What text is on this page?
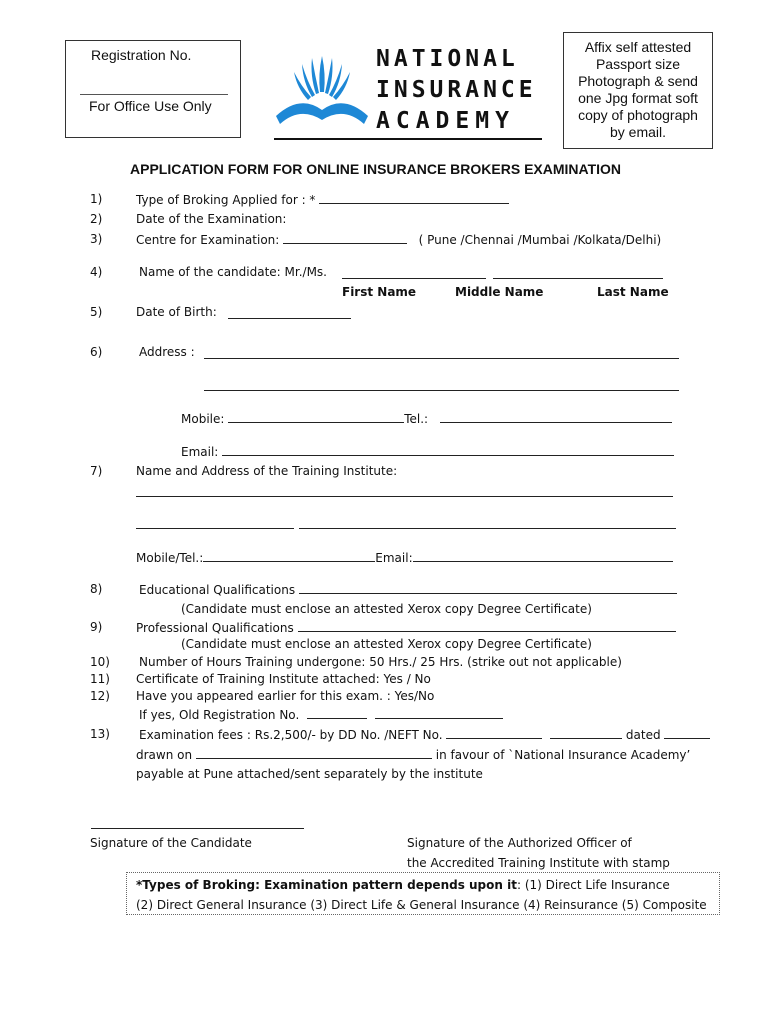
Registration No.
For Office Use Only
NATIONAL
INSURANCE
ACADEMY
Affix self attested
Passport size
Photograph & send
one Jpg format soft
copy of photograph
by email.
APPLICATION FORM FOR ONLINE INSURANCE BROKERS EXAMINATION
1)	Type of Broking Applied for : *
2)	Date of the Examination:
3)	Centre for Examination:	( Pune /Chennai /Mumbai /Kolkata/Delhi)
4)	Name of the candidate: Mr./Ms.
First Name	Middle Name	Last Name
5)	Date of Birth:
6)	Address :
Mobile:	Tel.:
Email:
7)	Name and Address of the Training Institute:
Mobile/Tel.:	Email:
8)	Educational Qualifications
(Candidate must enclose an attested Xerox copy Degree Certificate)
9)	Professional Qualifications
(Candidate must enclose an attested Xerox copy Degree Certificate)
10) Number of Hours Training undergone: 50 Hrs./ 25 Hrs. (strike out not applicable)
11) Certificate of Training Institute attached: Yes / No
12) Have you appeared earlier for this exam. : Yes/No
If yes, Old Registration No.
13) Examination fees : Rs.2,500/- by DD No. /NEFT No.	dated
drawn on	in favour of `National Insurance Academy’
payable at Pune attached/sent separately by the institute
Signature of the Candidate	Signature of the Authorized Officer of
the Accredited Training Institute with stamp
*Types of Broking: Examination pattern depends upon it: (1) Direct Life Insurance
(2) Direct General Insurance (3) Direct Life & General Insurance (4) Reinsurance (5) Composite
